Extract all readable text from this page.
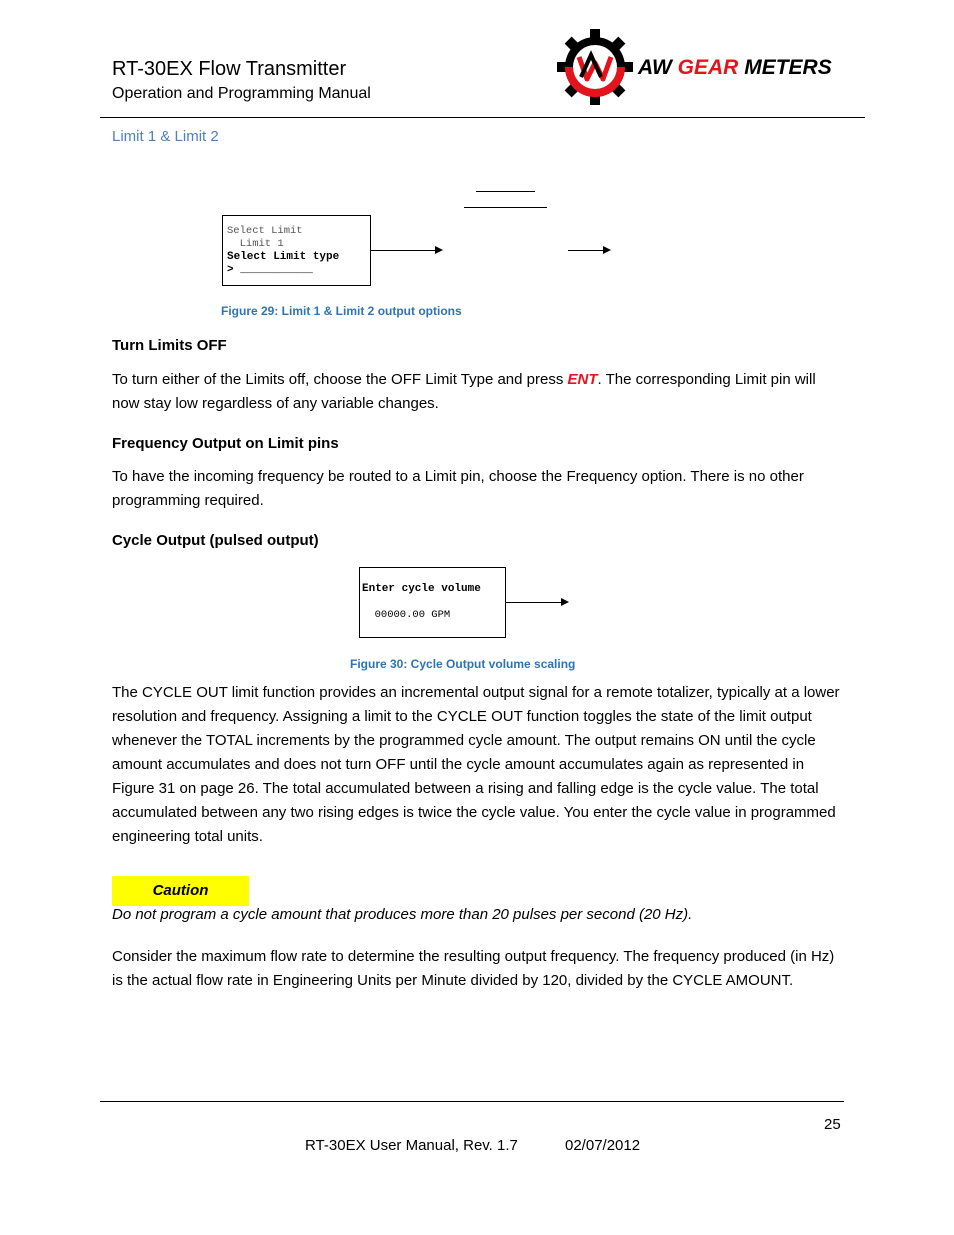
RT-30EX Flow Transmitter
Operation and Programming Manual
AW GEAR METERS
Limit 1 & Limit 2
Select Limit
Limit 1
Select Limit type
> ___________
Figure 29: Limit 1 & Limit 2 output options
Turn Limits OFF
To turn either of the Limits off, choose the OFF Limit Type and press ENT. The corresponding Limit pin will now stay low regardless of any variable changes.
Frequency Output on Limit pins
To have the incoming frequency be routed to a Limit pin, choose the Frequency option. There is no other programming required.
Cycle Output (pulsed output)
Enter cycle volume
00000.00 GPM
Figure 30: Cycle Output volume scaling
The CYCLE OUT limit function provides an incremental output signal for a remote totalizer, typically at a lower resolution and frequency. Assigning a limit to the CYCLE OUT function toggles the state of the limit output whenever the TOTAL increments by the programmed cycle amount. The output remains ON until the cycle amount accumulates and does not turn OFF until the cycle amount accumulates again as represented in Figure 31 on page 26. The total accumulated between a rising and falling edge is the cycle value. The total accumulated between any two rising edges is twice the cycle value. You enter the cycle value in programmed engineering total units.
Caution
Do not program a cycle amount that produces more than 20 pulses per second (20 Hz).
Consider the maximum flow rate to determine the resulting output frequency. The frequency produced (in Hz) is the actual flow rate in Engineering Units per Minute divided by 120, divided by the CYCLE AMOUNT.
25
RT-30EX User Manual, Rev. 1.7	02/07/2012
